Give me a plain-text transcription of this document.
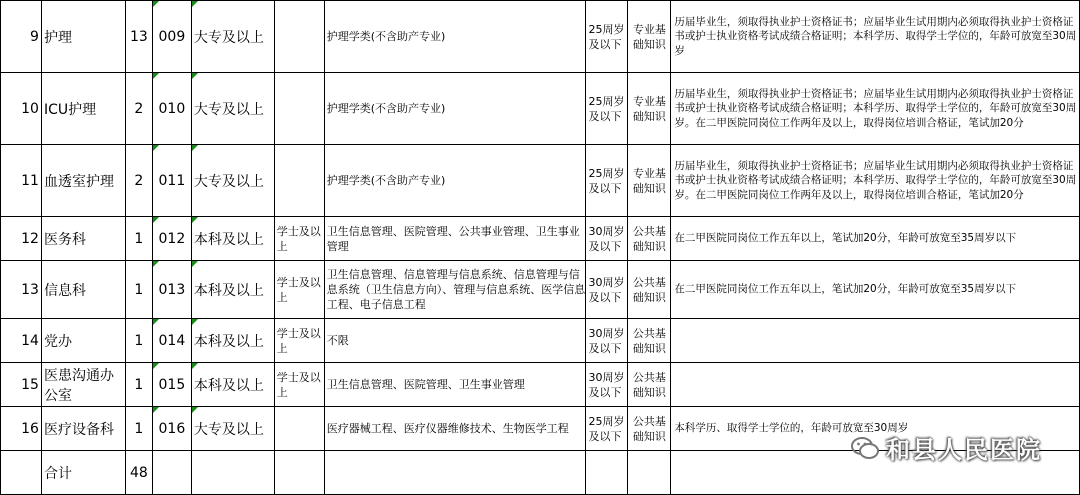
9	护理	13	009	大专及以上		护理学类(不含助产专业)	25周岁及以下	专业基础知识	历届毕业生，须取得执业护士资格证书；应届毕业生试用期内必须取得执业护士资格证书或护士执业资格考试成绩合格证明；本科学历、取得学士学位的，年龄可放宽至30周岁
10	ICU护理	2	010	大专及以上		护理学类(不含助产专业)	25周岁及以下	专业基础知识	历届毕业生，须取得执业护士资格证书；应届毕业生试用期内必须取得执业护士资格证书或护士执业资格考试成绩合格证明；本科学历、取得学士学位的，年龄可放宽至30周岁。在二甲医院同岗位工作两年及以上，取得岗位培训合格证，笔试加20分
11	血透室护理	2	011	大专及以上		护理学类(不含助产专业)	25周岁及以下	专业基础知识	历届毕业生，须取得执业护士资格证书；应届毕业生试用期内必须取得执业护士资格证书或护士执业资格考试成绩合格证明；本科学历、取得学士学位的，年龄可放宽至30周岁。在二甲医院同岗位工作两年及以上，取得岗位培训合格证，笔试加20分
12	医务科	1	012	本科及以上	学士及以上	卫生信息管理、医院管理、公共事业管理、卫生事业管理	30周岁及以下	公共基础知识	在二甲医院同岗位工作五年以上，笔试加20分，年龄可放宽至35周岁以下
13	信息科	1	013	本科及以上	学士及以上	卫生信息管理、信息管理与信息系统、信息管理与信息系统（卫生信息方向）、管理与信息系统、医学信息工程、电子信息工程	30周岁及以下	公共基础知识	在二甲医院同岗位工作五年以上，笔试加20分，年龄可放宽至35周岁以下
14	党办	1	014	本科及以上	学士及以上	不限	30周岁及以下	公共基础知识	
15	医患沟通办公室	1	015	本科及以上	学士及以上	卫生信息管理、医院管理、卫生事业管理	30周岁及以下	公共基础知识	
16	医疗设备科	1	016	大专及以上		医疗器械工程、医疗仪器维修技术、生物医学工程	25周岁及以下	公共基础知识	本科学历、取得学士学位的，年龄可放宽至30周岁
	合计	48							
和县人民医院
